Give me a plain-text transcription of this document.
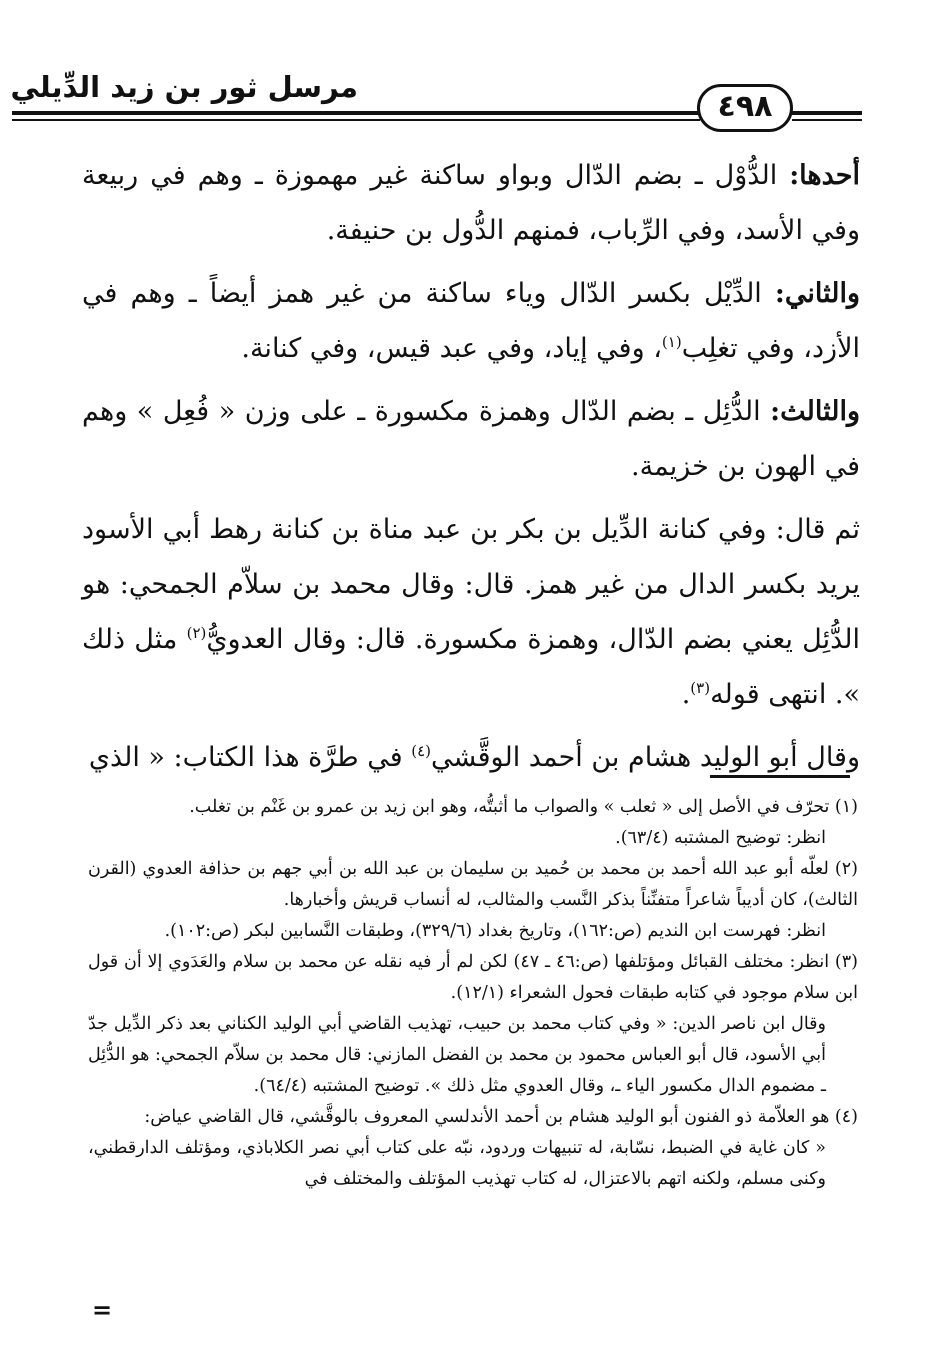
مرسل ثور بن زيد الدِّيلي
٤٩٨

أحدها: الدُّوْل ـ بضم الدّال وبواو ساكنة غير مهموزة ـ وهم في ربيعة وفي الأسد، وفي الرِّباب، فمنهم الدُّول بن حنيفة.

والثاني: الدِّيْل بكسر الدّال وياء ساكنة من غير همز أيضاً ـ وهم في الأزد، وفي تغلِب$^{(١)}$، وفي إياد، وفي عبد قيس، وفي كنانة.

والثالث: الدُّئِل ـ بضم الدّال وهمزة مكسورة ـ على وزن « فُعِل » وهم في الهون بن خزيمة.

ثم قال: وفي كنانة الدِّيل بن بكر بن عبد مناة بن كنانة رهط أبي الأسود يريد بكسر الدال من غير همز. قال: وقال محمد بن سلاّم الجمحي: هو الدُّئِل يعني بضم الدّال، وهمزة مكسورة. قال: وقال العدويُّ$^{(٢)}$ مثل ذلك ». انتهى قوله$^{(٣)}$.

وقال أبو الوليد هشام بن أحمد الوقَّشي$^{(٤)}$ في طرَّة هذا الكتاب: « الذي

(١) تحرّف في الأصل إلى « ثعلب » والصواب ما أثبتُّه، وهو ابن زيد بن عمرو بن غَنْم بن تغلب.

انظر: توضيح المشتبه (٦٣/٤).

(٢) لعلّه أبو عبد الله أحمد بن محمد بن حُميد بن سليمان بن عبد الله بن أبي جهم بن حذافة العدوي (القرن الثالث)، كان أديباً شاعراً متفنِّناً بذكر النَّسب والمثالب، له أنساب قريش وأخبارها.

انظر: فهرست ابن النديم (ص:١٦٢)، وتاريخ بغداد (٣٢٩/٦)، وطبقات النَّسابين لبكر (ص:١٠٢).

(٣) انظر: مختلف القبائل ومؤتلفها (ص:٤٦ ـ ٤٧) لكن لم أر فيه نقله عن محمد بن سلام والعَدَوي إلا أن قول ابن سلام موجود في كتابه طبقات فحول الشعراء (١٢/١).

وقال ابن ناصر الدين: « وفي كتاب محمد بن حبيب، تهذيب القاضي أبي الوليد الكناني بعد ذكر الدِّيل جدّ أبي الأسود، قال أبو العباس محمود بن محمد بن الفضل المازني: قال محمد بن سلاّم الجمحي: هو الدُّئِل ـ مضموم الدال مكسور الياء ـ، وقال العدوي مثل ذلك ». توضيح المشتبه (٦٤/٤).

(٤) هو العلاّمة ذو الفنون أبو الوليد هشام بن أحمد الأندلسي المعروف بالوقَّشي، قال القاضي عياض:

« كان غاية في الضبط، نسّابة، له تنبيهات وردود، نبّه على كتاب أبي نصر الكلاباذي، ومؤتلف الدارقطني، وكنى مسلم، ولكنه اتهم بالاعتزال، له كتاب تهذيب المؤتلف والمختلف في

=
